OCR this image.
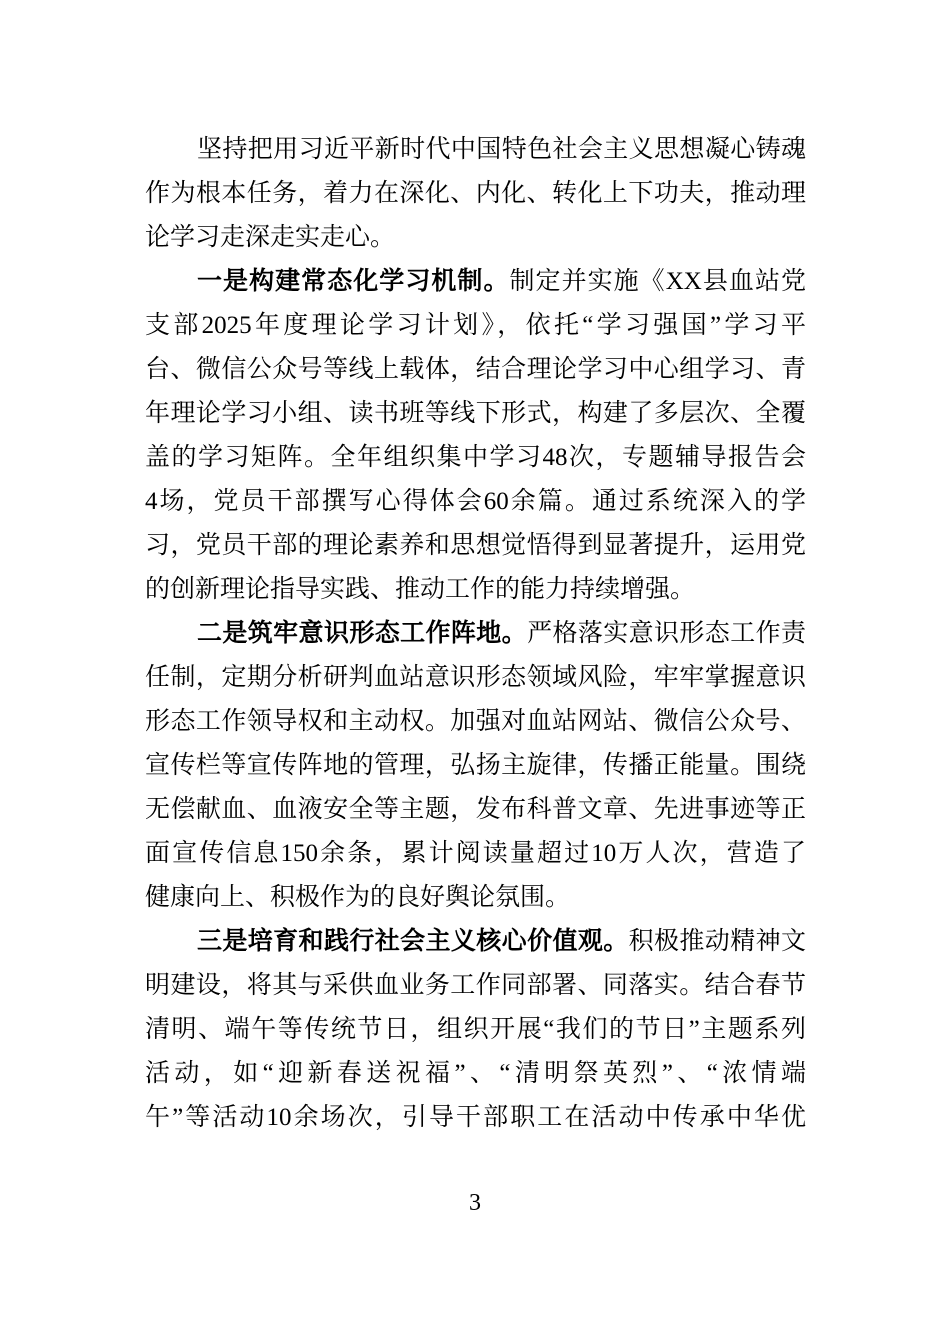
坚持把用习近平新时代中国特色社会主义思想凝心铸魂
作为根本任务，着力在深化、内化、转化上下功夫，推动理
论学习走深走实走心。
一是构建常态化学习机制。制定并实施《XX县血站党
支部2025年度理论学习计划》，依托“学习强国”学习平
台、微信公众号等线上载体，结合理论学习中心组学习、青
年理论学习小组、读书班等线下形式，构建了多层次、全覆
盖的学习矩阵。全年组织集中学习48次，专题辅导报告会
4场，党员干部撰写心得体会60余篇。通过系统深入的学
习，党员干部的理论素养和思想觉悟得到显著提升，运用党
的创新理论指导实践、推动工作的能力持续增强。
二是筑牢意识形态工作阵地。严格落实意识形态工作责
任制，定期分析研判血站意识形态领域风险，牢牢掌握意识
形态工作领导权和主动权。加强对血站网站、微信公众号、
宣传栏等宣传阵地的管理，弘扬主旋律，传播正能量。围绕
无偿献血、血液安全等主题，发布科普文章、先进事迹等正
面宣传信息150余条，累计阅读量超过10万人次，营造了
健康向上、积极作为的良好舆论氛围。
三是培育和践行社会主义核心价值观。积极推动精神文
明建设，将其与采供血业务工作同部署、同落实。结合春节
清明、端午等传统节日，组织开展“我们的节日”主题系列
活动，如“迎新春送祝福”、“清明祭英烈”、“浓情端
午”等活动10余场次，引导干部职工在活动中传承中华优
3
